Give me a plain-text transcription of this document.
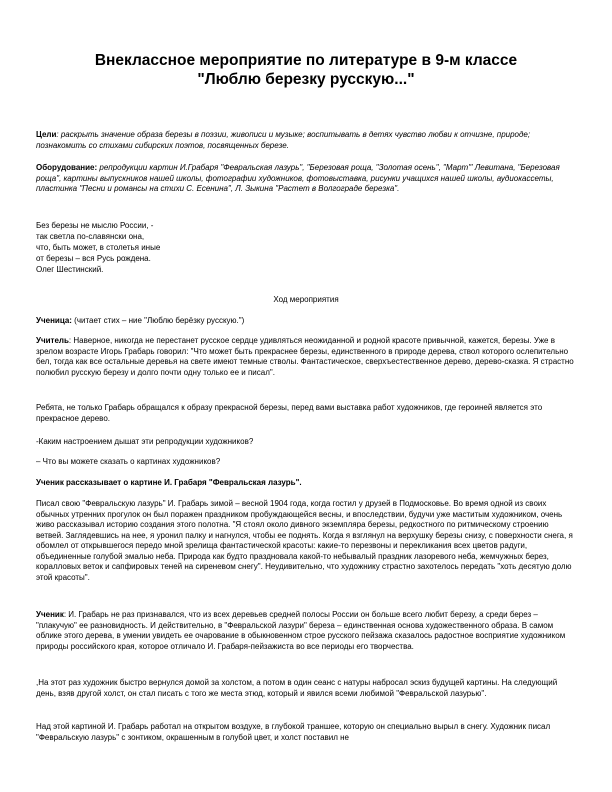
Внеклассное мероприятие по литературе в 9-м классе
"Люблю березку русскую..."

Цели: раскрыть значение образа березы в поэзии, живописи и музыке; воспитывать в детях чувство любви к отчизне, природе; познакомить со стихами сибирских поэтов, посвященных березе.

Оборудование: репродукции картин И.Грабаря "Февральская лазурь", "Березовая роща, "Золотая осень", "Март"' Левитана, "Березовая роща", картины выпускников нашей школы, фотографии художников, фотовыставка, рисунки учащихся нашей школы, аудиокассеты, пластинка "Песни и романсы на стихи С. Есенина", Л. Зыкина "Растет в Волгограде березка".

Без березы не мыслю России, -
так светла по-славянски она,
что, быть может, в столетья иные
от березы – вся Русь рождена.
Олег Шестинский.
Ход мероприятия

Ученица: (читает стих – ние "Люблю берёзку русскую.")

Учитель: Наверное, никогда не перестанет русское сердце удивляться неожиданной и родной красоте привычной, кажется, березы. Уже в зрелом возрасте Игорь Грабарь говорил: "Что может быть прекраснее березы, единственного в природе дерева, ствол которого ослепительно бел, тогда как все остальные деревья на свете имеют темные стволы. Фантастическое, сверхъестественное дерево, дерево-сказка. Я страстно полюбил русскую березу и долго почти одну только ее и писал".

Ребята, не только Грабарь обращался к образу прекрасной березы, перед вами выставка работ художников, где героиней является это прекрасное дерево.

-Каким настроением дышат эти репродукции художников?

– Что вы можете сказать о картинах художников?

Ученик рассказывает о картине И. Грабаря "Февральская лазурь".

Писал свою "Февральскую лазурь" И. Грабарь зимой – весной 1904 года, когда гостил у друзей в Подмосковье. Во время одной из своих обычных утренних прогулок он был поражен праздником пробуждающейся весны, и впоследствии, будучи уже маститым художником, очень живо рассказывал историю создания этого полотна. "Я стоял около дивного экземпляра березы, редкостного по ритмическому строению ветвей. Заглядевшись на нее, я уронил палку и нагнулся, чтобы ее поднять. Когда я взглянул на верхушку березы снизу, с поверхности снега, я обомлел от открывшегося передо мной зрелища фантастической красоты: какие-то перезвоны и перекликания всех цветов радуги, объединенные голубой эмалью неба. Природа как будто праздновала какой-то небывалый праздник лазоревого неба, жемчужных берез, коралловых веток и сапфировых теней на сиреневом снегу". Неудивительно, что художнику страстно захотелось передать "хоть десятую долю этой красоты".

Ученик: И. Грабарь не раз признавался, что из всех деревьев средней полосы России он больше всего любит березу, а среди берез – "плакучую" ее разновидность. И действительно, в "Февральской лазури" береза – единственная основа художественного образа. В самом облике этого дерева, в умении увидеть ее очарование в обыкновенном строе русского пейзажа сказалось радостное восприятие художником природы российского края, которое отличало И. Грабаря-пейзажиста во все периоды его творчества.

,На этот раз художник быстро вернулся домой за холстом, а потом в один сеанс с натуры набросал эскиз будущей картины. На следующий день, взяв другой холст, он стал писать с того же места этюд, который и явился всеми любимой "Февральской лазурью".

Над этой картиной И. Грабарь работал на открытом воздухе, в глубокой траншее, которую он специально вырыл в снегу. Художник писал "Февральскую лазурь" с зонтиком, окрашенным в голубой цвет, и холст поставил не
